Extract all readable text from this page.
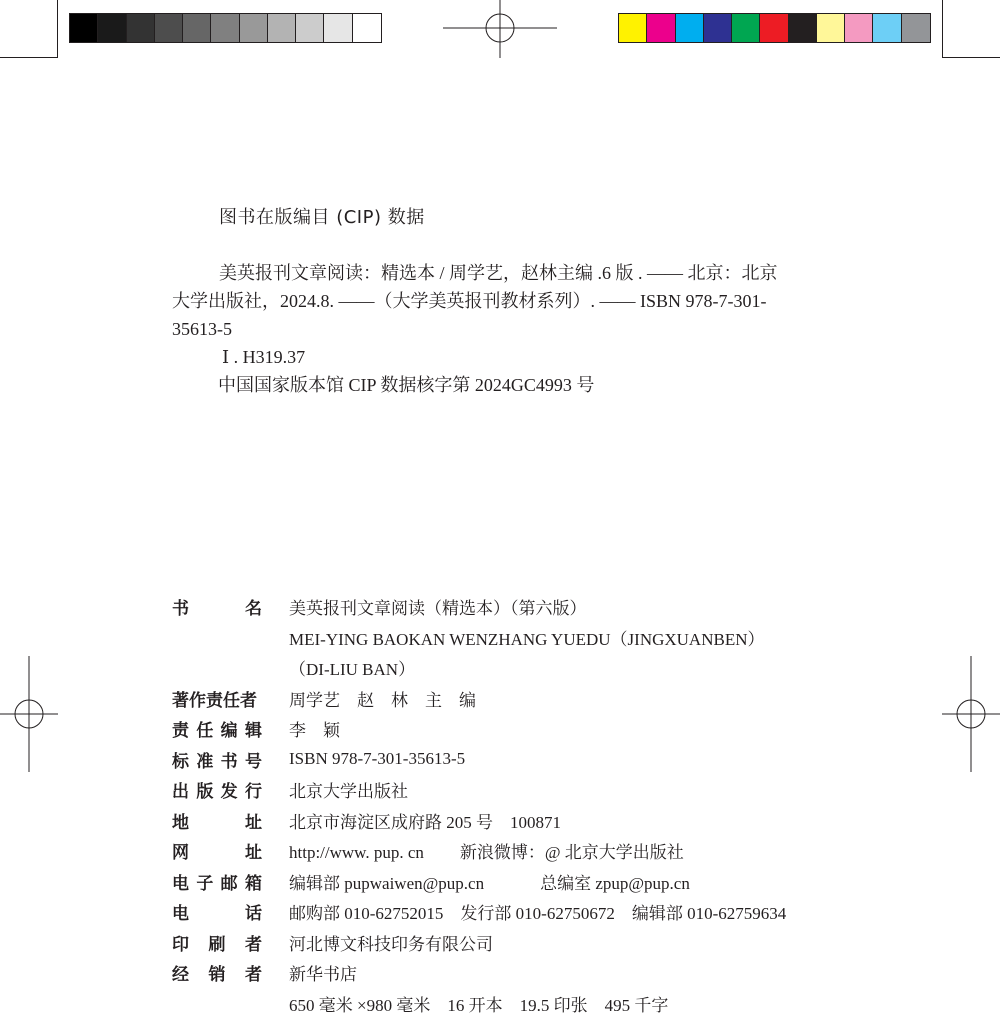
图书在版编目 (CIP) 数据
美英报刊文章阅读：精选本 / 周学艺，赵林主编 .6 版 . —— 北京：北京
大学出版社，2024.8. ——（大学美英报刊教材系列）. —— ISBN 978-7-301-
35613-5
Ⅰ . H319.37
中国国家版本馆 CIP 数据核字第 2024GC4993 号
书	名 美英报刊文章阅读（精选本）（第六版）
MEI-YING BAOKAN WENZHANG YUEDU（JINGXUANBEN）
（DI-LIU BAN）
著作责任者 周学艺　赵　林　主　编
责 任 编 辑 李　颖
标 准 书 号 ISBN 978-7-301-35613-5
出 版 发 行 北京大学出版社
地	址 北京市海淀区成府路 205 号　100871
网	址 http://www. pup. cn 新浪微博：@ 北京大学出版社
电 子 邮 箱 编辑部 pupwaiwen@pup.cn	总编室 zpup@pup.cn
电	话 邮购部 010-62752015　发行部 010-62750672　编辑部 010-62759634
印 刷 者 河北博文科技印务有限公司
经 销 者 新华书店
650 毫米 ×980 毫米　16 开本　19.5 印张　495 千字
